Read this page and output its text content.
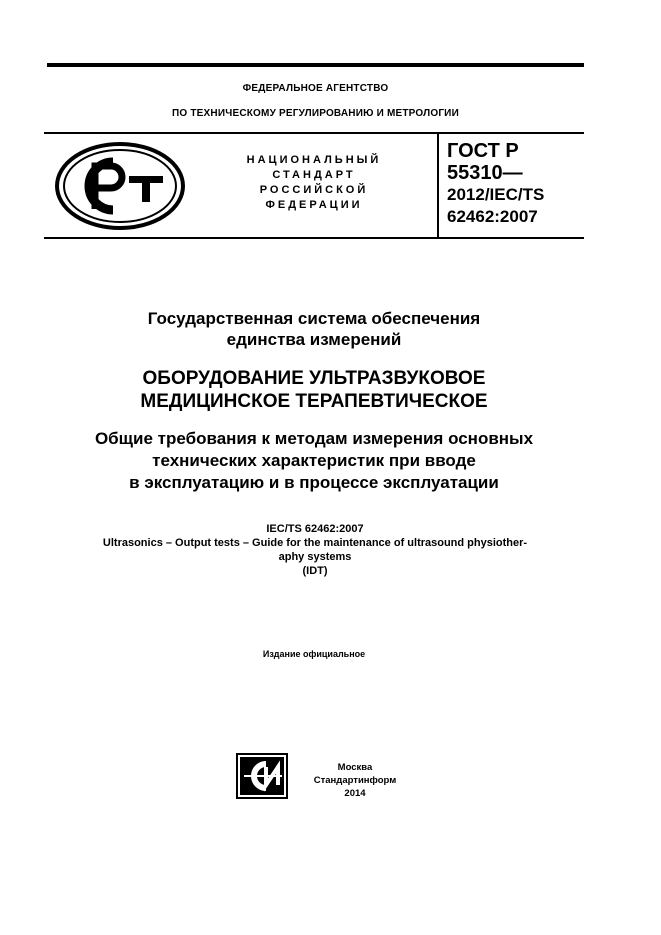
ФЕДЕРАЛЬНОЕ АГЕНТСТВО
ПО ТЕХНИЧЕСКОМУ РЕГУЛИРОВАНИЮ И МЕТРОЛОГИИ
НАЦИОНАЛЬНЫЙ
СТАНДАРТ
РОССИЙСКОЙ
ФЕДЕРАЦИИ
ГОСТ Р
55310—
2012/IEC/TS
62462:2007
Государственная система обеспечения
единства измерений
ОБОРУДОВАНИЕ УЛЬТРАЗВУКОВОЕ
МЕДИЦИНСКОЕ ТЕРАПЕВТИЧЕСКОЕ
Общие требования к методам измерения основных
технических характеристик при вводе
в эксплуатацию и в процессе эксплуатации
IEC/TS 62462:2007
Ultrasonics – Output tests – Guide for the maintenance of ultrasound physiother-
aphy systems
(IDT)
Издание официальное
Москва
Стандартинформ
2014
